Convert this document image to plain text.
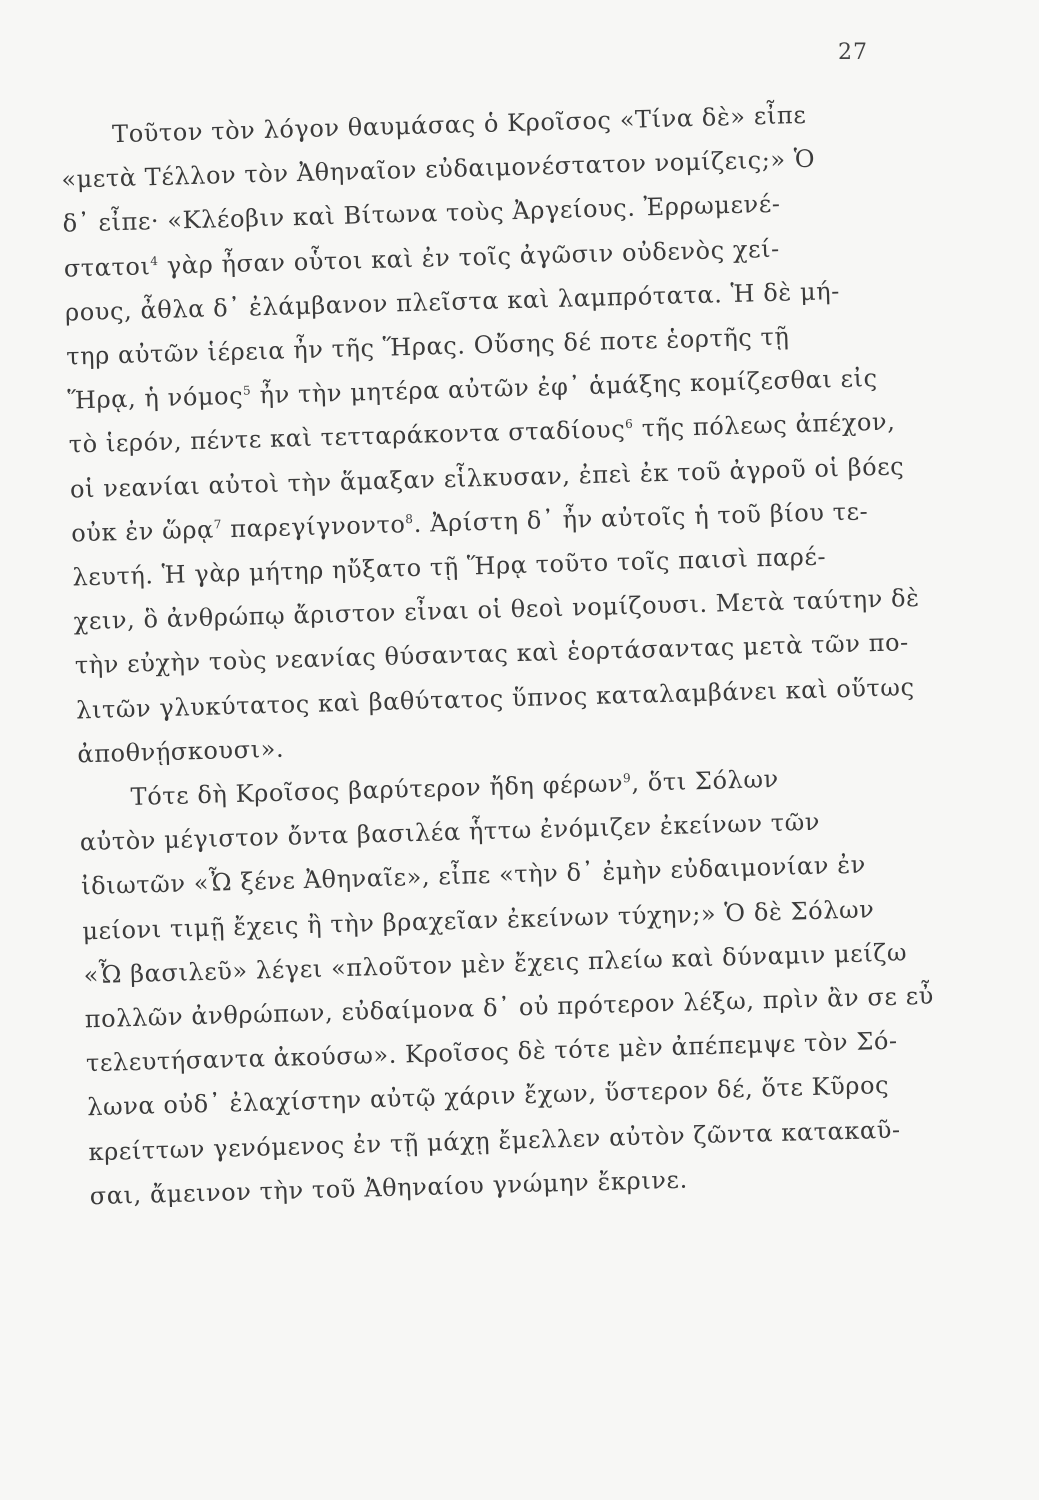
27
Τοῦτον τὸν λόγον θαυμάσας ὁ Κροῖσος «Τίνα δὲ» εἶπε
«μετὰ Τέλλον τὸν Ἀθηναῖον εὐδαιμονέστατον νομίζεις;» Ὁ
δ᾽ εἶπε· «Κλέοβιν καὶ Βίτωνα τοὺς Ἀργείους. Ἐρρωμενέ-
στατοι$^4$ γὰρ ἦσαν οὗτοι καὶ ἐν τοῖς ἀγῶσιν οὐδενὸς χεί-
ρους, ἆθλα δ᾽ ἐλάμβανον πλεῖστα καὶ λαμπρότατα. Ἡ δὲ μή-
τηρ αὐτῶν ἱέρεια ἦν τῆς Ἥρας. Οὔσης δέ ποτε ἑορτῆς τῇ
Ἥρᾳ, ἡ νόμος$^5$ ἦν τὴν μητέρα αὐτῶν ἐφ᾽ ἁμάξης κομίζεσθαι εἰς
τὸ ἱερόν, πέντε καὶ τετταράκοντα σταδίους$^6$ τῆς πόλεως ἀπέχον,
οἱ νεανίαι αὐτοὶ τὴν ἅμαξαν εἷλκυσαν, ἐπεὶ ἐκ τοῦ ἀγροῦ οἱ βόες
οὐκ ἐν ὥρᾳ$^7$ παρεγίγνοντο$^8$. Ἀρίστη δ᾽ ἦν αὐτοῖς ἡ τοῦ βίου τε-
λευτή. Ἡ γὰρ μήτηρ ηὔξατο τῇ Ἥρᾳ τοῦτο τοῖς παισὶ παρέ-
χειν, ὃ ἀνθρώπῳ ἄριστον εἶναι οἱ θεοὶ νομίζουσι. Μετὰ ταύτην δὲ
τὴν εὐχὴν τοὺς νεανίας θύσαντας καὶ ἑορτάσαντας μετὰ τῶν πο-
λιτῶν γλυκύτατος καὶ βαθύτατος ὕπνος καταλαμβάνει καὶ οὕτως
ἀποθνῄσκουσι».
Τότε δὴ Κροῖσος βαρύτερον ἤδη φέρων$^9$, ὅτι Σόλων
αὐτὸν μέγιστον ὄντα βασιλέα ἧττω ἐνόμιζεν ἐκείνων τῶν
ἰδιωτῶν «Ὦ ξένε Ἀθηναῖε», εἶπε «τὴν δ᾽ ἐμὴν εὐδαιμονίαν ἐν
μείονι τιμῇ ἔχεις ἢ τὴν βραχεῖαν ἐκείνων τύχην;» Ὁ δὲ Σόλων
«Ὦ βασιλεῦ» λέγει «πλοῦτον μὲν ἔχεις πλείω καὶ δύναμιν μείζω
πολλῶν ἀνθρώπων, εὐδαίμονα δ᾽ οὐ πρότερον λέξω, πρὶν ἂν σε εὖ
τελευτήσαντα ἀκούσω». Κροῖσος δὲ τότε μὲν ἀπέπεμψε τὸν Σό-
λωνα οὐδ᾽ ἐλαχίστην αὐτῷ χάριν ἔχων, ὕστερον δέ, ὅτε Κῦρος
κρείττων γενόμενος ἐν τῇ μάχῃ ἔμελλεν αὐτὸν ζῶντα κατακαῦ-
σαι, ἄμεινον τὴν τοῦ Ἀθηναίου γνώμην ἔκρινε.
